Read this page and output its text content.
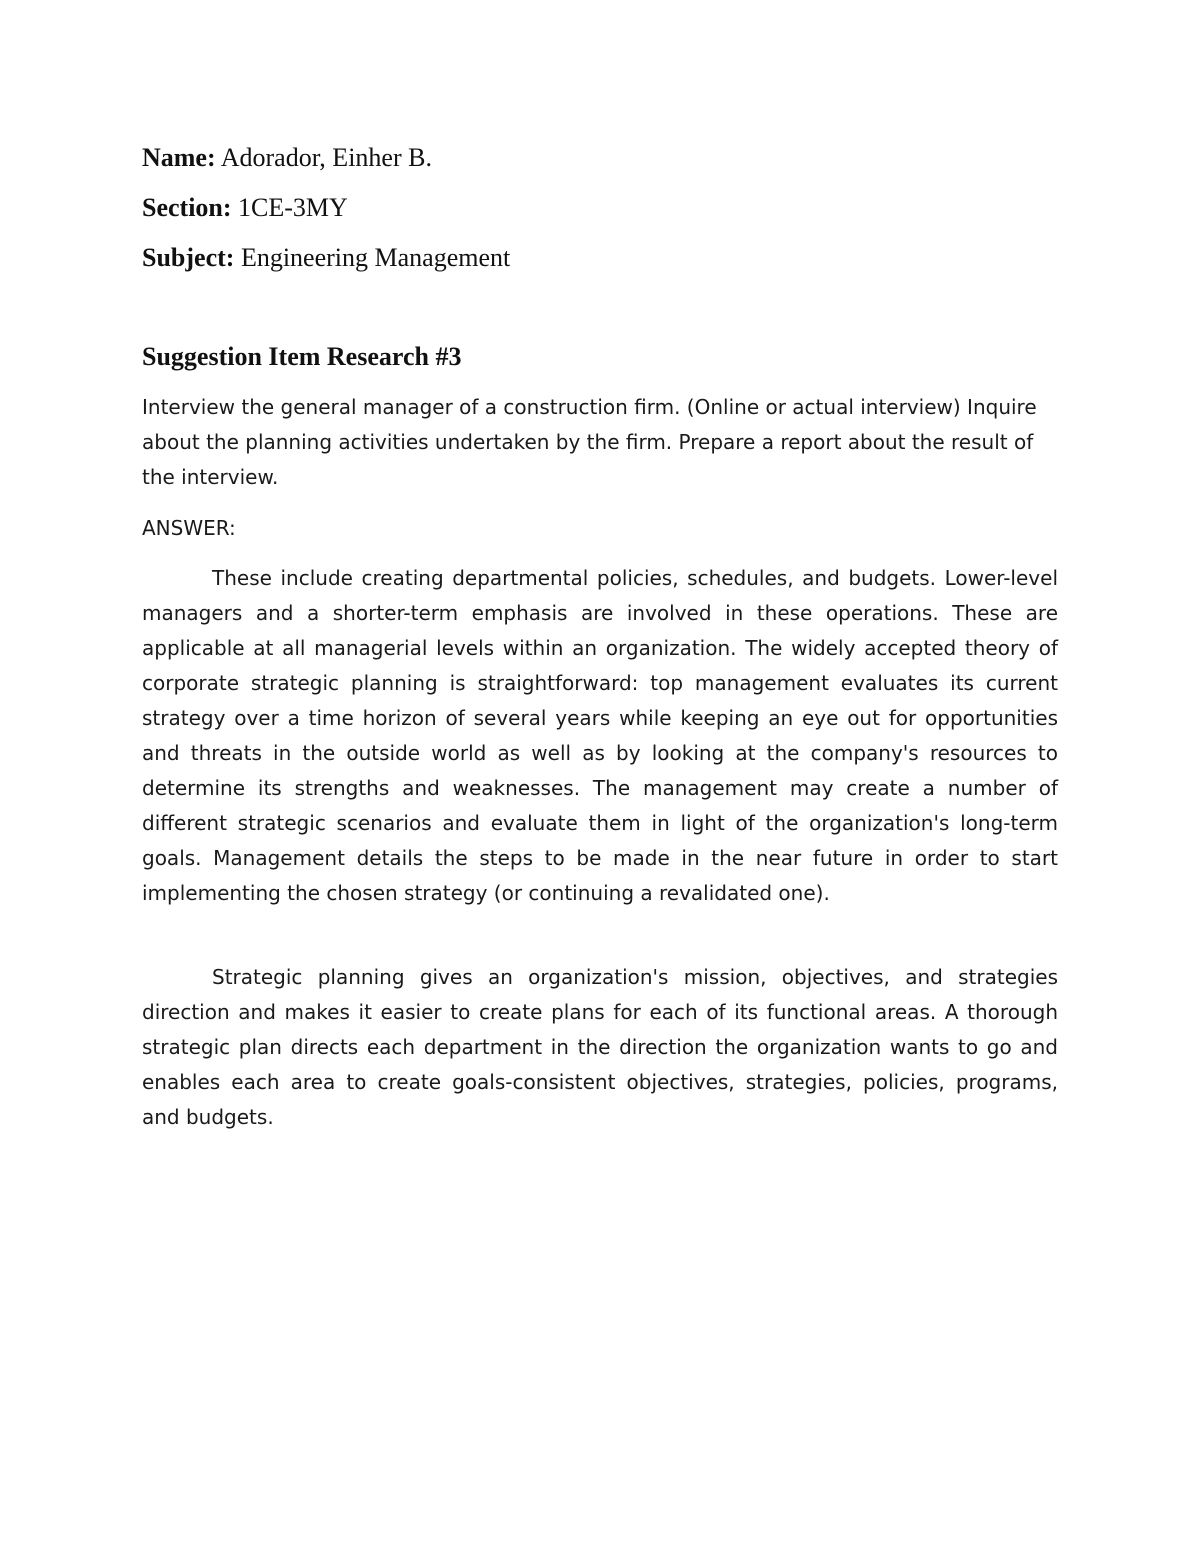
Name: Adorador, Einher B.
Section: 1CE-3MY
Subject: Engineering Management
Suggestion Item Research #3
Interview the general manager of a construction firm. (Online or actual interview) Inquire about the planning activities undertaken by the firm. Prepare a report about the result of the interview.
ANSWER:
These include creating departmental policies, schedules, and budgets. Lower-level managers and a shorter-term emphasis are involved in these operations. These are applicable at all managerial levels within an organization. The widely accepted theory of corporate strategic planning is straightforward: top management evaluates its current strategy over a time horizon of several years while keeping an eye out for opportunities and threats in the outside world as well as by looking at the company's resources to determine its strengths and weaknesses. The management may create a number of different strategic scenarios and evaluate them in light of the organization's long-term goals. Management details the steps to be made in the near future in order to start implementing the chosen strategy (or continuing a revalidated one).
Strategic planning gives an organization's mission, objectives, and strategies direction and makes it easier to create plans for each of its functional areas. A thorough strategic plan directs each department in the direction the organization wants to go and enables each area to create goals-consistent objectives, strategies, policies, programs, and budgets.
